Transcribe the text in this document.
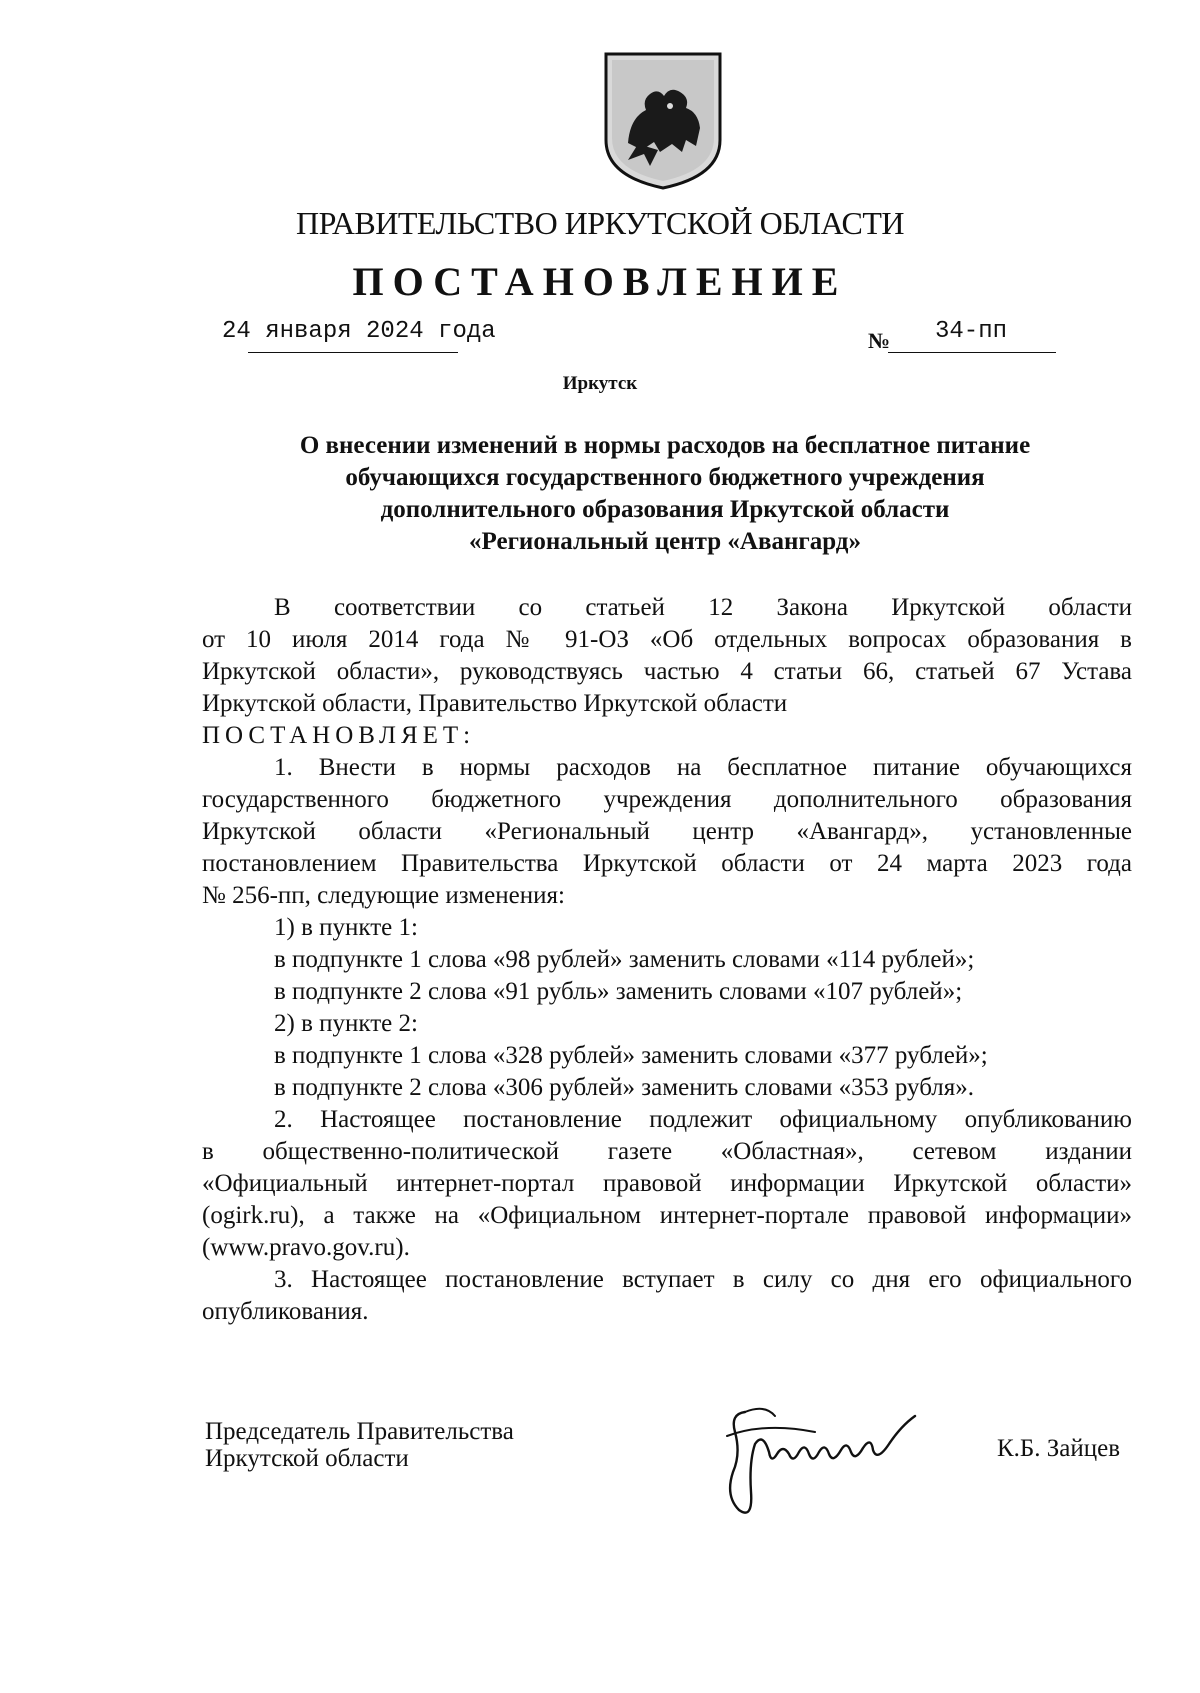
ПРАВИТЕЛЬСТВО ИРКУТСКОЙ ОБЛАСТИ
ПОСТАНОВЛЕНИЕ
24 января 2024 года	№ 34-пп
Иркутск
О внесении изменений в нормы расходов на бесплатное питание
обучающихся государственного бюджетного учреждения
дополнительного образования Иркутской области
«Региональный центр «Авангард»

В соответствии со статьей 12 Закона Иркутской области

от 10 июля 2014 года № 91-ОЗ «Об отдельных вопросах образования в

Иркутской области», руководствуясь частью 4 статьи 66, статьей 67 Устава

Иркутской области, Правительство Иркутской области

ПОСТАНОВЛЯЕТ:

1. Внести в нормы расходов на бесплатное питание обучающихся

государственного бюджетного учреждения дополнительного образования

Иркутской области «Региональный центр «Авангард», установленные

постановлением Правительства Иркутской области от 24 марта 2023 года

№ 256-пп, следующие изменения:

1) в пункте 1:

в подпункте 1 слова «98 рублей» заменить словами «114 рублей»;

в подпункте 2 слова «91 рубль» заменить словами «107 рублей»;

2) в пункте 2:

в подпункте 1 слова «328 рублей» заменить словами «377 рублей»;

в подпункте 2 слова «306 рублей» заменить словами «353 рубля».

2. Настоящее постановление подлежит официальному опубликованию

в общественно-политической газете «Областная», сетевом издании

«Официальный интернет-портал правовой информации Иркутской области»

(ogirk.ru), а также на «Официальном интернет-портале правовой информации»

(www.pravo.gov.ru).

3. Настоящее постановление вступает в силу со дня его официального

опубликования.

Председатель Правительства
Иркутской области	К.Б. Зайцев
